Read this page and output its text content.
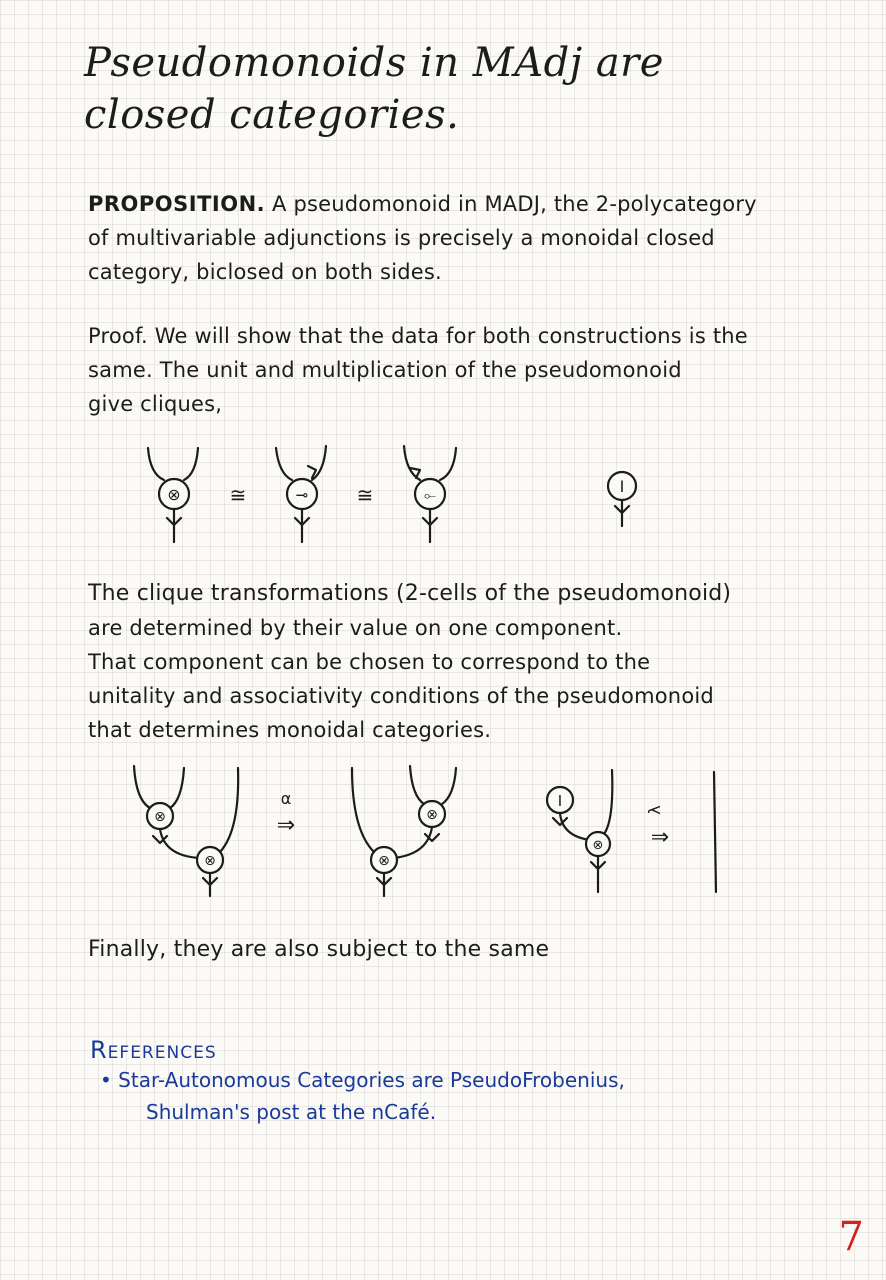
Pseudomonoids in MAdj are

closed categories.

PROPOSITION. A pseudomonoid in MADJ, the 2-polycategory

of multivariable adjunctions is precisely a monoidal closed

category, biclosed on both sides.

Proof. We will show that the data for both constructions is the

same. The unit and multiplication of the pseudomonoid

give cliques,

⊗ ≅	⊸ ≅	⟜	I

The clique transformations (2-cells of the pseudomonoid)

are determined by their value on one component.

That component can be chosen to correspond to the

unitality and associativity conditions of the pseudomonoid

that determines monoidal categories.

⊗
⊗
α
⇒	⊗
⊗
I
⊗
λ
⇒

Finally, they are also subject to the same

References

• Star-Autonomous Categories are PseudoFrobenius,

Shulman's post at the nCafé.

7
